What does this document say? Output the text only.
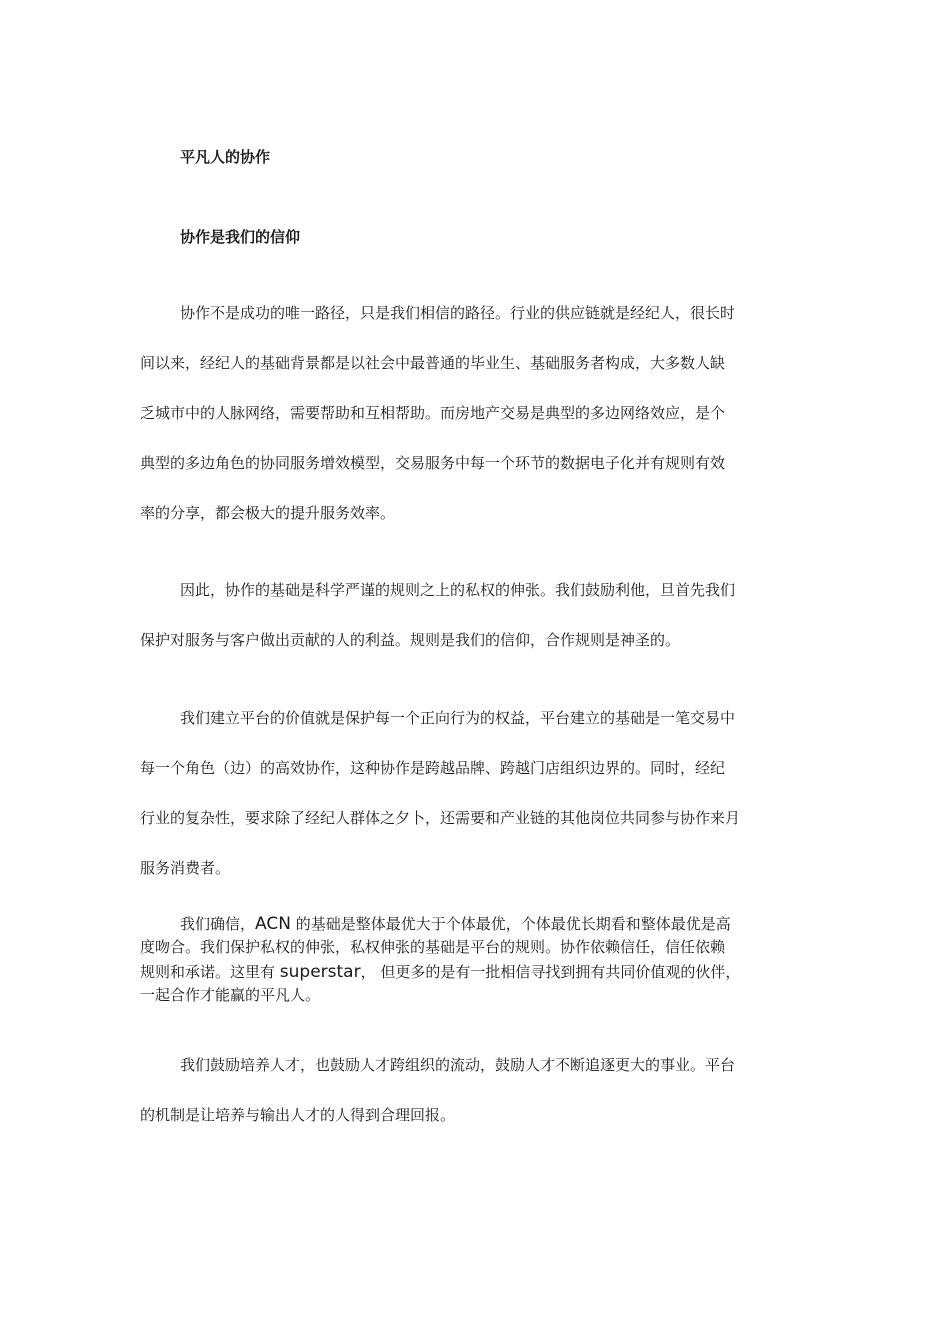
平凡人的协作
协作是我们的信仰
协作不是成功的唯一路径，只是我们相信的路径。行业的供应链就是经纪人，很长时
间以来，经纪人的基础背景都是以社会中最普通的毕业生、基础服务者构成，大多数人缺
乏城市中的人脉网络，需要帮助和互相帮助。而房地产交易是典型的多边网络效应，是个
典型的多边角色的协同服务增效模型，交易服务中每一个环节的数据电子化并有规则有效
率的分享，都会极大的提升服务效率。
因此，协作的基础是科学严谨的规则之上的私权的伸张。我们鼓励利他，旦首先我们
保护对服务与客户做出贡献的人的利益。规则是我们的信仰，合作规则是神圣的。
我们建立平台的价值就是保护每一个正向行为的权益，平台建立的基础是一笔交易中
每一个角色（边）的高效协作，这种协作是跨越品牌、跨越门店组织边界的。同时，经纪
行业的复杂性，要求除了经纪人群体之夕卜，还需要和产业链的其他岗位共同参与协作来月
服务消费者。
我们确信，ACN 的基础是整体最优大于个体最优，个体最优长期看和整体最优是高
度吻合。我们保护私权的伸张，私权伸张的基础是平台的规则。协作依赖信任，信任依赖
规则和承诺。这里有 superstar， 但更多的是有一批相信寻找到拥有共同价值观的伙伴，
一起合作才能赢的平凡人。
我们鼓励培养人才，也鼓励人才跨组织的流动，鼓励人才不断追逐更大的事业。平台
的机制是让培养与输出人才的人得到合理回报。
